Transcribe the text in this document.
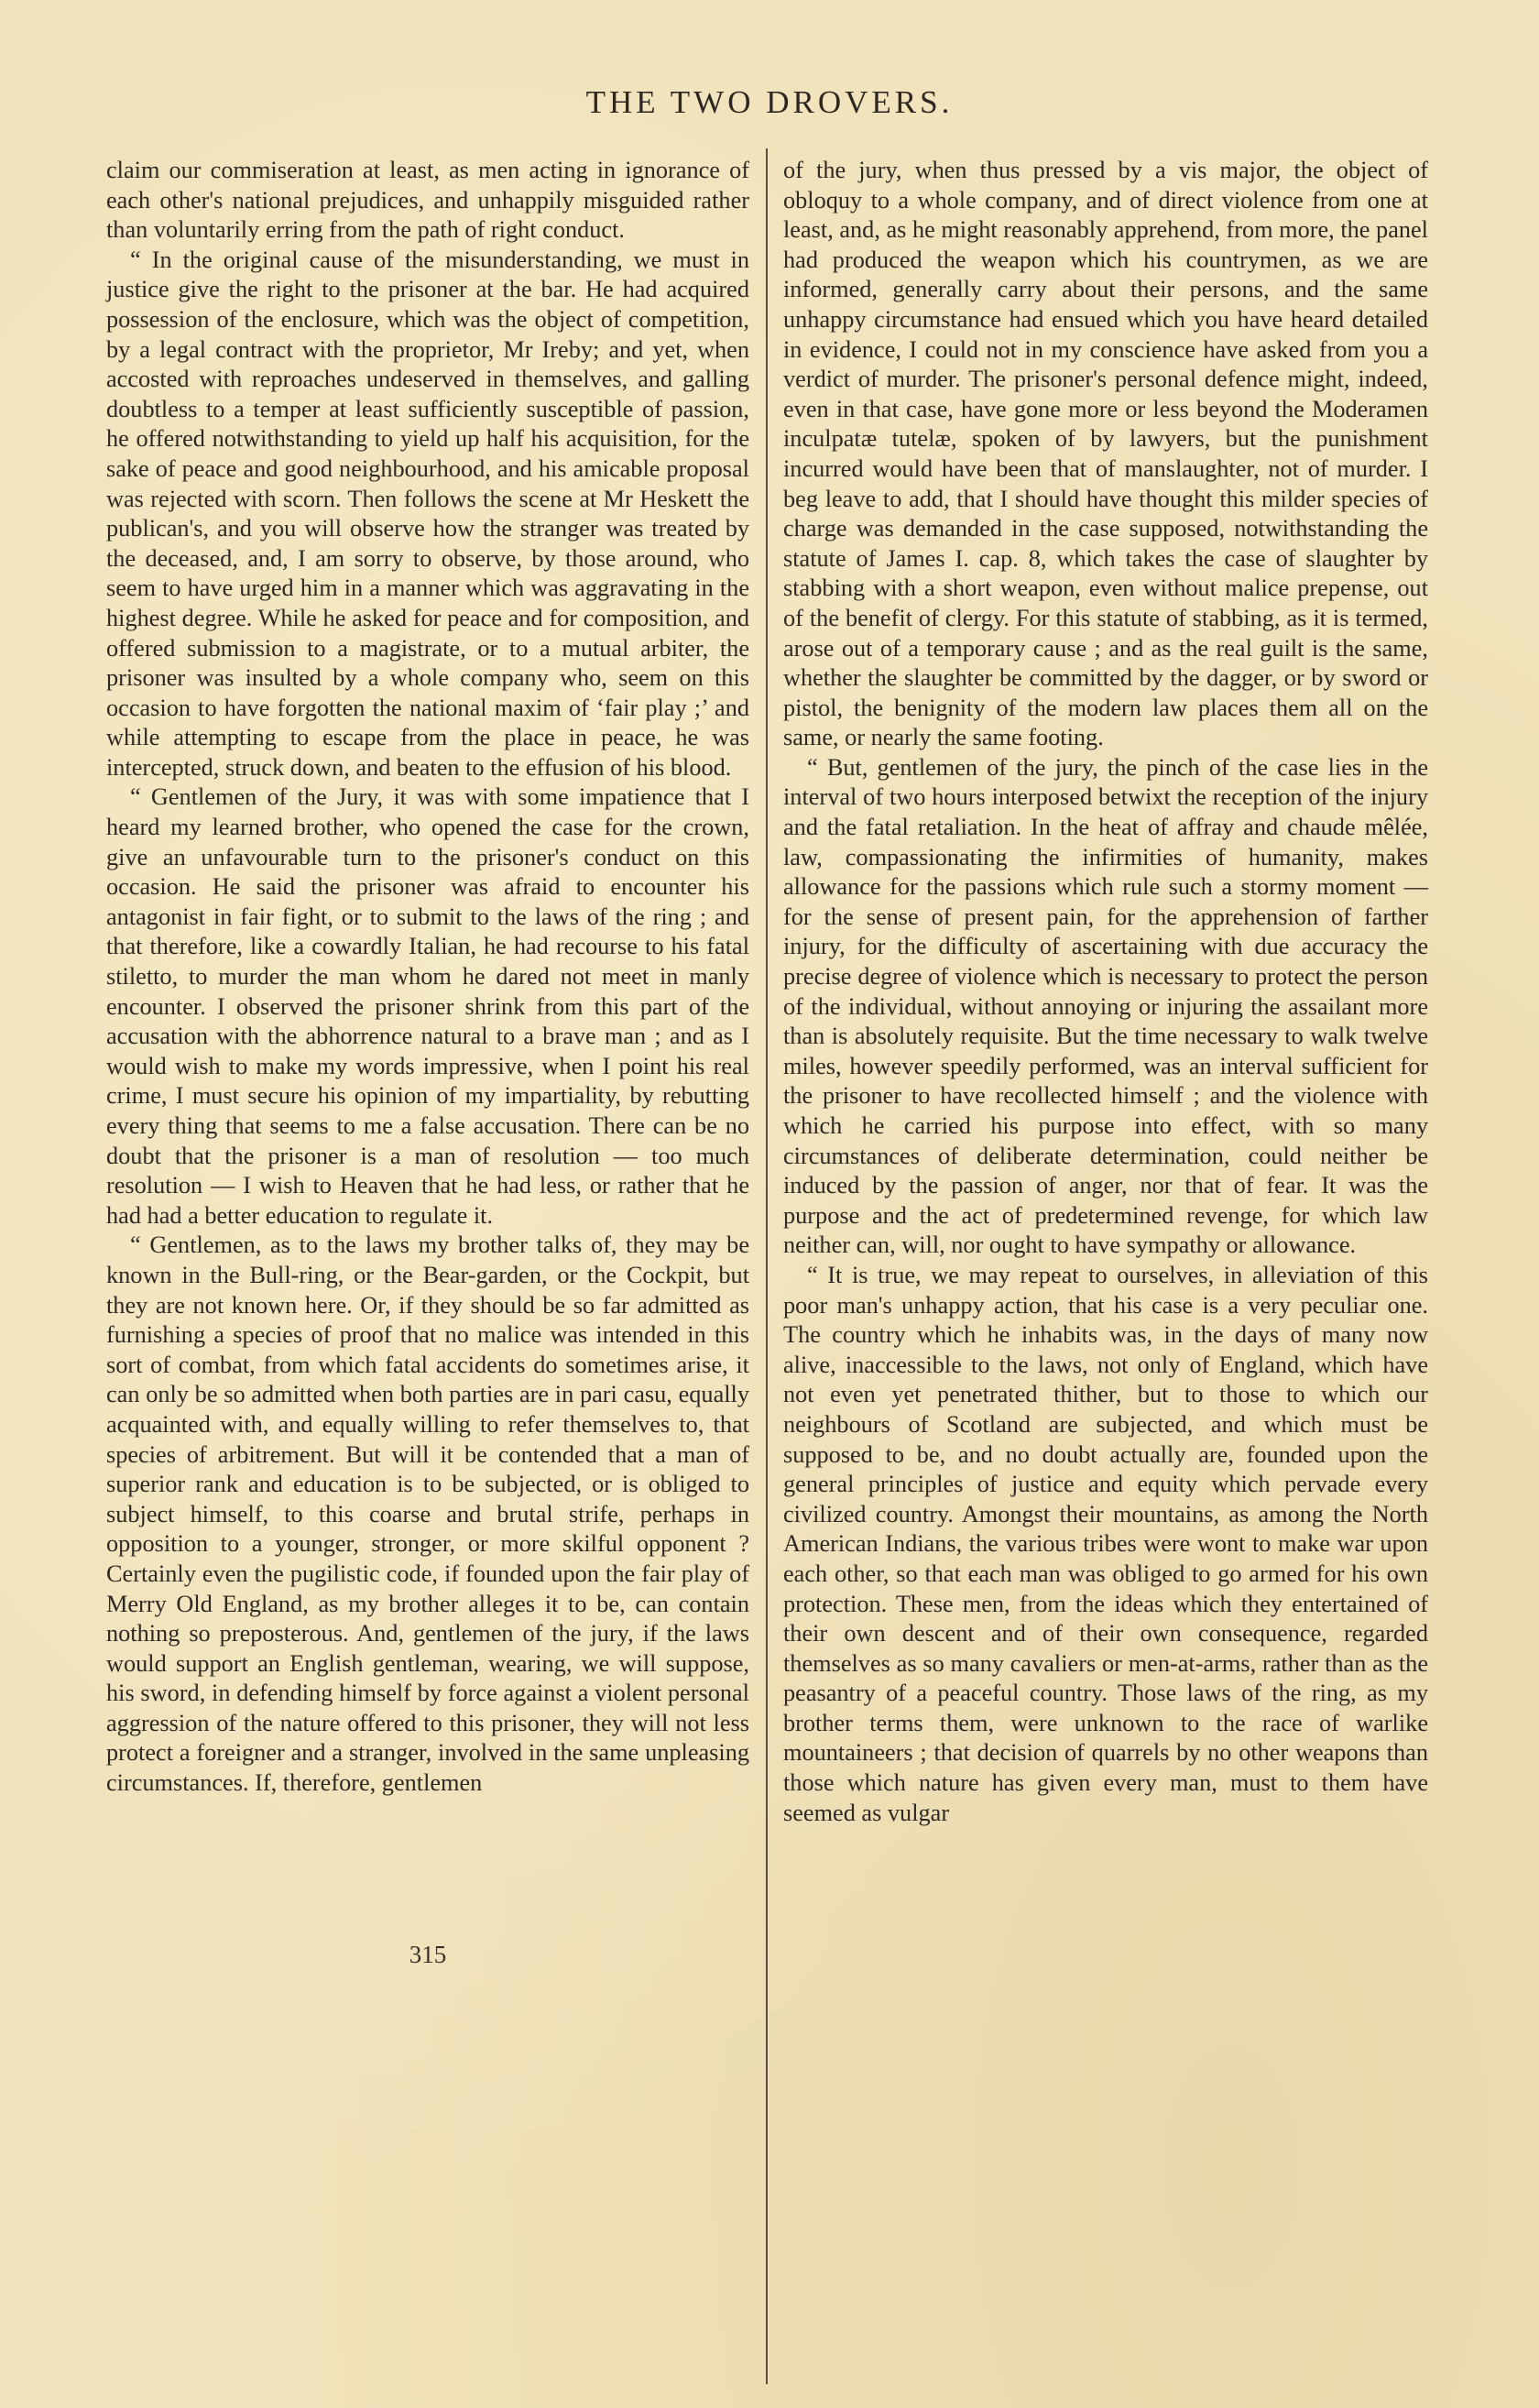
THE TWO DROVERS.

claim our commiseration at least, as men acting in ignorance of each other's national prejudices, and unhappily misguided rather than voluntarily erring from the path of right conduct.

“ In the original cause of the misunderstanding, we must in justice give the right to the prisoner at the bar. He had acquired possession of the enclosure, which was the object of competition, by a legal contract with the proprietor, Mr Ireby; and yet, when accosted with reproaches undeserved in themselves, and galling doubtless to a temper at least sufficiently susceptible of passion, he offered notwithstanding to yield up half his acquisition, for the sake of peace and good neighbourhood, and his amicable proposal was rejected with scorn. Then follows the scene at Mr Heskett the publican's, and you will observe how the stranger was treated by the deceased, and, I am sorry to observe, by those around, who seem to have urged him in a manner which was aggravating in the highest degree. While he asked for peace and for composition, and offered submission to a magistrate, or to a mutual arbiter, the prisoner was insulted by a whole company who, seem on this occasion to have forgotten the national maxim of ‘fair play ;’ and while attempting to escape from the place in peace, he was intercepted, struck down, and beaten to the effusion of his blood.

“ Gentlemen of the Jury, it was with some impatience that I heard my learned brother, who opened the case for the crown, give an unfavourable turn to the prisoner's conduct on this occasion. He said the prisoner was afraid to encounter his antagonist in fair fight, or to submit to the laws of the ring ; and that therefore, like a cowardly Italian, he had recourse to his fatal stiletto, to murder the man whom he dared not meet in manly encounter. I observed the prisoner shrink from this part of the accusation with the abhorrence natural to a brave man ; and as I would wish to make my words impressive, when I point his real crime, I must secure his opinion of my impartiality, by rebutting every thing that seems to me a false accusation. There can be no doubt that the prisoner is a man of resolution — too much resolution — I wish to Heaven that he had less, or rather that he had had a better education to regulate it.

“ Gentlemen, as to the laws my brother talks of, they may be known in the Bull-ring, or the Bear-garden, or the Cockpit, but they are not known here. Or, if they should be so far admitted as furnishing a species of proof that no malice was intended in this sort of combat, from which fatal accidents do sometimes arise, it can only be so admitted when both parties are in pari casu, equally acquainted with, and equally willing to refer themselves to, that species of arbitrement. But will it be contended that a man of superior rank and education is to be subjected, or is obliged to subject himself, to this coarse and brutal strife, perhaps in opposition to a younger, stronger, or more skilful opponent ? Certainly even the pugilistic code, if founded upon the fair play of Merry Old England, as my brother alleges it to be, can contain nothing so preposterous. And, gentlemen of the jury, if the laws would support an English gentleman, wearing, we will suppose, his sword, in defending himself by force against a violent personal aggression of the nature offered to this prisoner, they will not less protect a foreigner and a stranger, involved in the same unpleasing circumstances. If, therefore, gentlemen

of the jury, when thus pressed by a vis major, the object of obloquy to a whole company, and of direct violence from one at least, and, as he might reasonably apprehend, from more, the panel had produced the weapon which his countrymen, as we are informed, generally carry about their persons, and the same unhappy circumstance had ensued which you have heard detailed in evidence, I could not in my conscience have asked from you a verdict of murder. The prisoner's personal defence might, indeed, even in that case, have gone more or less beyond the Moderamen inculpatæ tutelæ, spoken of by lawyers, but the punishment incurred would have been that of manslaughter, not of murder. I beg leave to add, that I should have thought this milder species of charge was demanded in the case supposed, notwithstanding the statute of James I. cap. 8, which takes the case of slaughter by stabbing with a short weapon, even without malice prepense, out of the benefit of clergy. For this statute of stabbing, as it is termed, arose out of a temporary cause ; and as the real guilt is the same, whether the slaughter be committed by the dagger, or by sword or pistol, the benignity of the modern law places them all on the same, or nearly the same footing.

“ But, gentlemen of the jury, the pinch of the case lies in the interval of two hours interposed betwixt the reception of the injury and the fatal retaliation. In the heat of affray and chaude mêlée, law, compassionating the infirmities of humanity, makes allowance for the passions which rule such a stormy moment — for the sense of present pain, for the apprehension of farther injury, for the difficulty of ascertaining with due accuracy the precise degree of violence which is necessary to protect the person of the individual, without annoying or injuring the assailant more than is absolutely requisite. But the time necessary to walk twelve miles, however speedily performed, was an interval sufficient for the prisoner to have recollected himself ; and the violence with which he carried his purpose into effect, with so many circumstances of deliberate determination, could neither be induced by the passion of anger, nor that of fear. It was the purpose and the act of predetermined revenge, for which law neither can, will, nor ought to have sympathy or allowance.

“ It is true, we may repeat to ourselves, in alleviation of this poor man's unhappy action, that his case is a very peculiar one. The country which he inhabits was, in the days of many now alive, inaccessible to the laws, not only of England, which have not even yet penetrated thither, but to those to which our neighbours of Scotland are subjected, and which must be supposed to be, and no doubt actually are, founded upon the general principles of justice and equity which pervade every civilized country. Amongst their mountains, as among the North American Indians, the various tribes were wont to make war upon each other, so that each man was obliged to go armed for his own protection. These men, from the ideas which they entertained of their own descent and of their own consequence, regarded themselves as so many cavaliers or men-at-arms, rather than as the peasantry of a peaceful country. Those laws of the ring, as my brother terms them, were unknown to the race of warlike mountaineers ; that decision of quarrels by no other weapons than those which nature has given every man, must to them have seemed as vulgar

315
